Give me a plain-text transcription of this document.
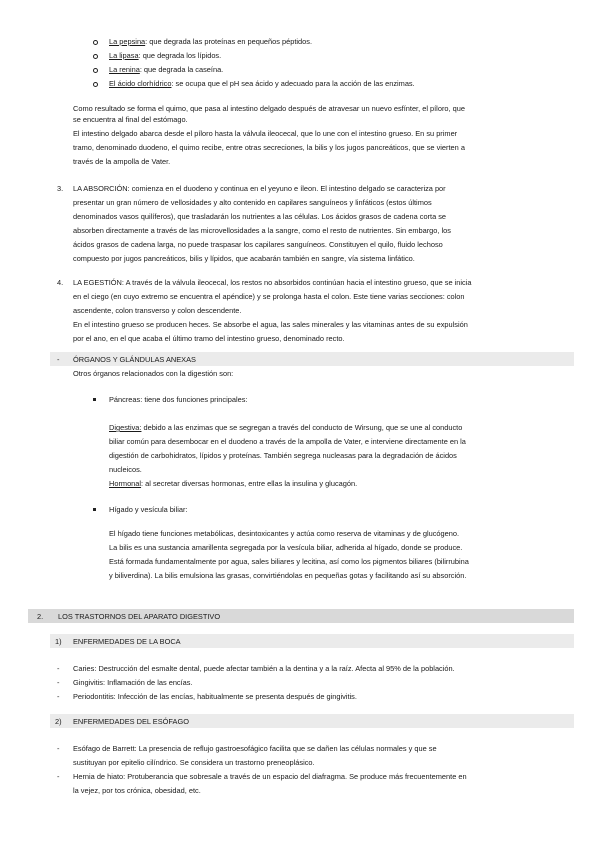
La pepsina: que degrada las proteínas en pequeños péptidos.
La lipasa: que degrada los lípidos.
La renina: que degrada la caseína.
El ácido clorhídrico: se ocupa que el pH sea ácido y adecuado para la acción de las enzimas.
Como resultado se forma el quimo, que pasa al intestino delgado después de atravesar un nuevo esfínter, el píloro, que
se encuentra al final del estómago.
El intestino delgado abarca desde el píloro hasta la válvula ileocecal, que lo une con el intestino grueso. En su primer
tramo, denominado duodeno, el quimo recibe, entre otras secreciones, la bilis y los jugos pancreáticos, que se vierten a
través de la ampolla de Vater.
3. LA ABSORCIÓN: comienza en el duodeno y continua en el yeyuno e íleon. El intestino delgado se caracteriza por
presentar un gran número de vellosidades y alto contenido en capilares sanguíneos y linfáticos (estos últimos
denominados vasos quilíferos), que trasladarán los nutrientes a las células. Los ácidos grasos de cadena corta se
absorben directamente a través de las microvellosidades a la sangre, como el resto de nutrientes. Sin embargo, los
ácidos grasos de cadena larga, no puede traspasar los capilares sanguíneos. Constituyen el quilo, fluido lechoso
compuesto por jugos pancreáticos, bilis y lípidos, que acabarán también en sangre, vía sistema linfático.
4. LA EGESTIÓN: A través de la válvula ileocecal, los restos no absorbidos continúan hacia el intestino grueso, que se inicia
en el ciego (en cuyo extremo se encuentra el apéndice) y se prolonga hasta el colon. Este tiene varias secciones: colon
ascendente, colon transverso y colon descendente.
En el intestino grueso se producen heces. Se absorbe el agua, las sales minerales y las vitaminas antes de su expulsión
por el ano, en el que acaba el último tramo del intestino grueso, denominado recto.
- ÓRGANOS Y GLÁNDULAS ANEXAS
Otros órganos relacionados con la digestión son:
Páncreas: tiene dos funciones principales:
Digestiva: debido a las enzimas que se segregan a través del conducto de Wirsung, que se une al conducto
biliar común para desembocar en el duodeno a través de la ampolla de Vater, e interviene directamente en la
digestión de carbohidratos, lípidos y proteínas. También segrega nucleasas para la degradación de ácidos
nucleicos.
Hormonal: al secretar diversas hormonas, entre ellas la insulina y glucagón.
Hígado y vesícula biliar:
El hígado tiene funciones metabólicas, desintoxicantes y actúa como reserva de vitaminas y de glucógeno.
La bilis es una sustancia amarillenta segregada por la vesícula biliar, adherida al hígado, donde se produce.
Está formada fundamentalmente por agua, sales biliares y lecitina, así como los pigmentos biliares (bilirrubina
y biliverdina). La bilis emulsiona las grasas, convirtiéndolas en pequeñas gotas y facilitando así su absorción.
2. LOS TRASTORNOS DEL APARATO DIGESTIVO
1) ENFERMEDADES DE LA BOCA
- Caries: Destrucción del esmalte dental, puede afectar también a la dentina y a la raíz. Afecta al 95% de la población.
- Gingivitis: Inflamación de las encías.
- Periodontitis: Infección de las encías, habitualmente se presenta después de gingivitis.
2) ENFERMEDADES DEL ESÓFAGO
- Esófago de Barrett: La presencia de reflujo gastroesofágico facilita que se dañen las células normales y que se
sustituyan por epitelio cilíndrico. Se considera un trastorno preneoplásico.
- Hernia de hiato: Protuberancia que sobresale a través de un espacio del diafragma. Se produce más frecuentemente en
la vejez, por tos crónica, obesidad, etc.
